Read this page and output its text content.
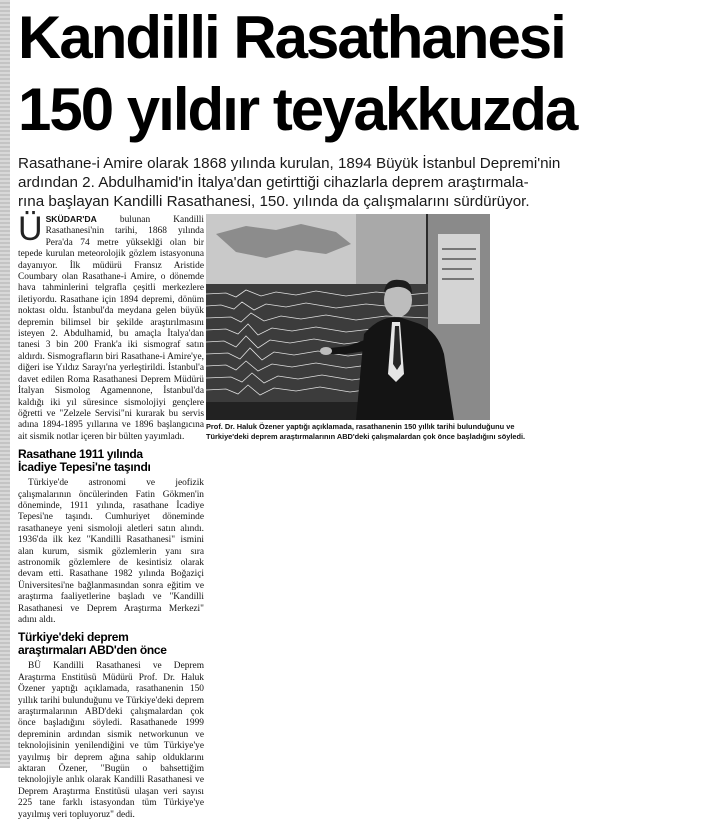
Kandilli Rasathanesi
150 yıldır teyakkuzda
Rasathane-i Amire olarak 1868 yılında kurulan, 1894 Büyük İstanbul Depremi'nin
ardından 2. Abdulhamid'in İtalya'dan getirttiği cihazlarla deprem araştırmala-
rına başlayan Kandilli Rasathanesi, 150. yılında da çalışmalarını sürdürüyor.

ÜSKÜDAR'DA bulunan Kandilli Rasathanesi'nin tarihi, 1868 yılında Pera'da 74 metre yükseklği olan bir tepede kurulan meteorolojik gözlem istasyonuna dayanıyor. İlk müdürü Fransız Aristide Coumbary olan Rasathane-i Amire, o dönemde hava tahminlerini telgrafla çeşitli merkezlere iletiyordu. Rasathane için 1894 depremi, dönüm noktası oldu. İstanbul'da meydana gelen büyük depremin bilimsel bir şekilde araştırılmasını isteyen 2. Abdulhamid, bu amaçla İtalya'dan tanesi 3 bin 200 Frank'a iki sismograf satın aldırdı. Sismografların biri Rasathane-i Amire'ye, diğeri ise Yıldız Sarayı'na yerleştirildi. İstanbul'a davet edilen Roma Rasathanesi Deprem Müdürü İtalyan Sismolog Agamennone, İstanbul'da kaldığı iki yıl süresince sismolojiyi gençlere öğretti ve "Zelzele Servisi"ni kurarak bu servis adına 1894-1895 yıllarına ve 1896 başlangıcına ait sismik notlar içeren bir bülten yayımladı.

Rasathane 1911 yılında
İcadiye Tepesi'ne taşındı

Türkiye'de astronomi ve jeofizik çalışmalarının öncülerinden Fatin Gökmen'in döneminde, 1911 yılında, rasathane İcadiye Tepesi'ne taşındı. Cumhuriyet döneminde rasathaneye yeni sismoloji aletleri satın alındı. 1936'da ilk kez "Kandilli Rasathanesi" ismini alan kurum, sismik gözlemlerin yanı sıra astronomik gözlemlere de kesintisiz olarak devam etti. Rasathane 1982 yılında Boğaziçi Üniversitesi'ne bağlanmasından sonra eğitim ve araştırma faaliyetlerine başladı ve "Kandilli Rasathanesi ve Deprem Araştırma Merkezi" adını aldı.

Türkiye'deki deprem
araştırmaları ABD'den önce

BÜ Kandilli Rasathanesi ve Deprem Araştırma Enstitüsü Müdürü Prof. Dr. Haluk Özener yaptığı açıklamada, rasathanenin 150 yıllık tarihi bulunduğunu ve Türkiye'deki deprem araştırmalarının ABD'deki çalışmalardan çok önce başladığını söyledi. Rasathanede 1999 depreminin ardından sismik networkunun ve teknolojisinin yenilendiğini ve tüm Türkiye'ye yayılmış bir deprem ağına sahip olduklarını aktaran Özener, "Bugün o bahsettiğim teknolojiyle anlık olarak Kandilli Rasathanesi ve Deprem Araştırma Enstitüsü ulaşan veri sayısı 225 tane farklı istasyondan tüm Türkiye'ye yayılmış veri topluyoruz" dedi.

Prof. Dr. Haluk Özener yaptığı açıklamada, rasathanenin 150 yıllık tarihi bulunduğunu ve
Türkiye'deki deprem araştırmalarının ABD'deki çalışmalardan çok önce başladığını söyledi.
